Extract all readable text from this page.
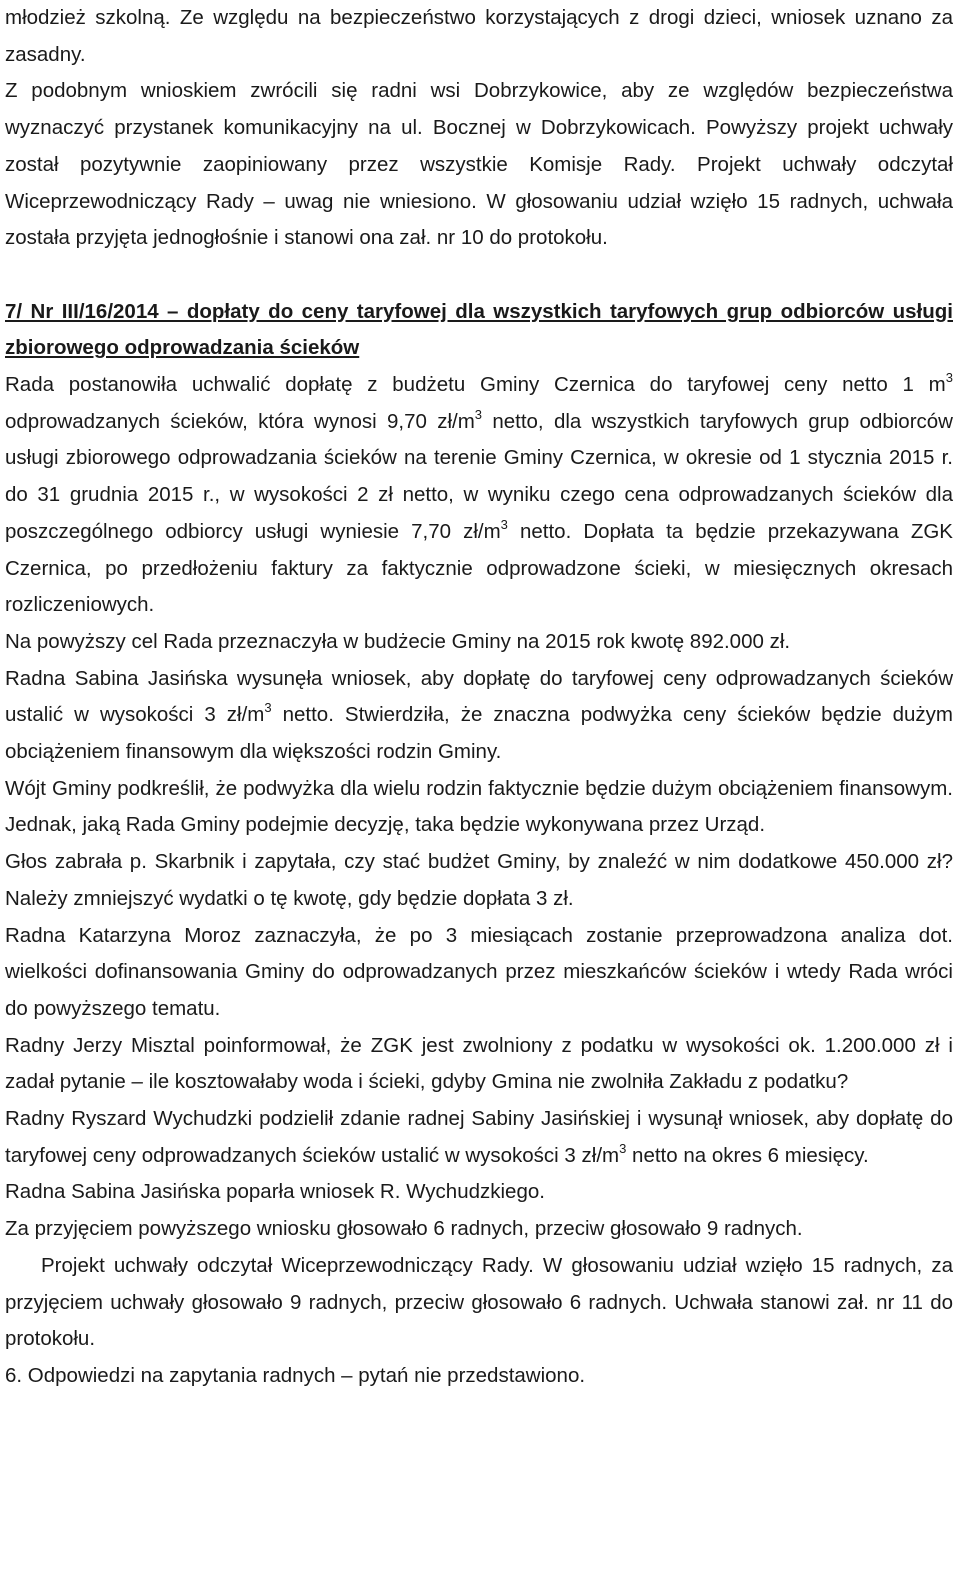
młodzież szkolną. Ze względu na bezpieczeństwo korzystających z drogi dzieci, wniosek uznano za zasadny.

Z podobnym wnioskiem zwrócili się radni wsi Dobrzykowice, aby ze względów bezpieczeństwa wyznaczyć przystanek komunikacyjny na ul. Bocznej w Dobrzykowicach. Powyższy projekt uchwały został pozytywnie zaopiniowany przez wszystkie Komisje Rady. Projekt uchwały odczytał Wiceprzewodniczący Rady – uwag nie wniesiono. W głosowaniu udział wzięło 15 radnych, uchwała została przyjęta jednogłośnie i stanowi ona zał. nr 10 do protokołu.

7/ Nr III/16/2014 – dopłaty do ceny taryfowej dla wszystkich taryfowych grup odbiorców usługi zbiorowego odprowadzania ścieków

Rada postanowiła uchwalić dopłatę z budżetu Gminy Czernica do taryfowej ceny netto 1 $m^3$ odprowadzanych ścieków, która wynosi 9,70 $zł/m^3$ netto, dla wszystkich taryfowych grup odbiorców usługi zbiorowego odprowadzania ścieków na terenie Gminy Czernica, w okresie od 1 stycznia 2015 r. do 31 grudnia 2015 r., w wysokości 2 zł netto, w wyniku czego cena odprowadzanych ścieków dla poszczególnego odbiorcy usługi wyniesie 7,70 $zł/m^3$ netto. Dopłata ta będzie przekazywana ZGK Czernica, po przedłożeniu faktury za faktycznie odprowadzone ścieki, w miesięcznych okresach rozliczeniowych.

Na powyższy cel Rada przeznaczyła w budżecie Gminy na 2015 rok kwotę 892.000 zł.

Radna Sabina Jasińska wysunęła wniosek, aby dopłatę do taryfowej ceny odprowadzanych ścieków ustalić w wysokości 3 $zł/m^3$ netto. Stwierdziła, że znaczna podwyżka ceny ścieków będzie dużym obciążeniem finansowym dla większości rodzin Gminy.

Wójt Gminy podkreślił, że podwyżka dla wielu rodzin faktycznie będzie dużym obciążeniem finansowym. Jednak, jaką Rada Gminy podejmie decyzję, taka będzie wykonywana przez Urząd.

Głos zabrała p. Skarbnik i zapytała, czy stać budżet Gminy, by znaleźć w nim dodatkowe 450.000 zł? Należy zmniejszyć wydatki o tę kwotę, gdy będzie dopłata 3 zł.

Radna Katarzyna Moroz zaznaczyła, że po 3 miesiącach zostanie przeprowadzona analiza dot. wielkości dofinansowania Gminy do odprowadzanych przez mieszkańców ścieków i wtedy Rada wróci do powyższego tematu.

Radny Jerzy Misztal poinformował, że ZGK jest zwolniony z podatku w wysokości ok. 1.200.000 zł i zadał pytanie – ile kosztowałaby woda i ścieki, gdyby Gmina nie zwolniła Zakładu z podatku?

Radny Ryszard Wychudzki podzielił zdanie radnej Sabiny Jasińskiej i wysunął wniosek, aby dopłatę do taryfowej ceny odprowadzanych ścieków ustalić w wysokości 3 $zł/m^3$ netto na okres 6 miesięcy.

Radna Sabina Jasińska poparła wniosek R. Wychudzkiego.

Za przyjęciem powyższego wniosku głosowało 6 radnych, przeciw głosowało 9 radnych.

Projekt uchwały odczytał Wiceprzewodniczący Rady. W głosowaniu udział wzięło 15 radnych, za przyjęciem uchwały głosowało 9 radnych, przeciw głosowało 6 radnych. Uchwała stanowi zał. nr 11 do protokołu.

6. Odpowiedzi na zapytania radnych – pytań nie przedstawiono.
